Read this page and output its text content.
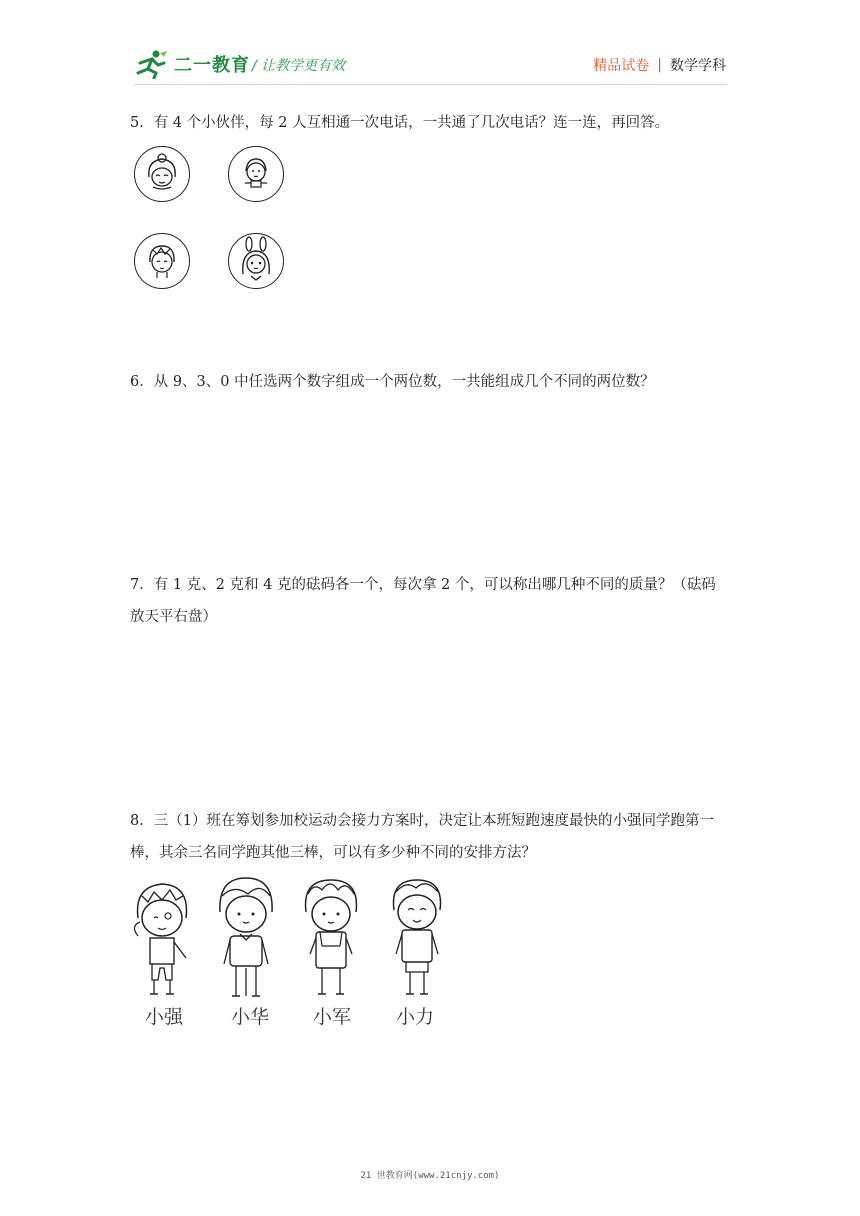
二一教育 / 让教学更有效	精品试卷 | 数学学科
5．有 4 个小伙伴，每 2 人互相通一次电话，一共通了几次电话？连一连，再回答。
6．从 9、3、0 中任选两个数字组成一个两位数，一共能组成几个不同的两位数？
7．有 1 克、2 克和 4 克的砝码各一个，每次拿 2 个，可以称出哪几种不同的质量？（砝码放天平右盘）
8．三（1）班在筹划参加校运动会接力方案时，决定让本班短跑速度最快的小强同学跑第一棒，其余三名同学跑其他三棒，可以有多少种不同的安排方法？
小强	小华 小军 小力
21 世教育网(www.21cnjy.com)
